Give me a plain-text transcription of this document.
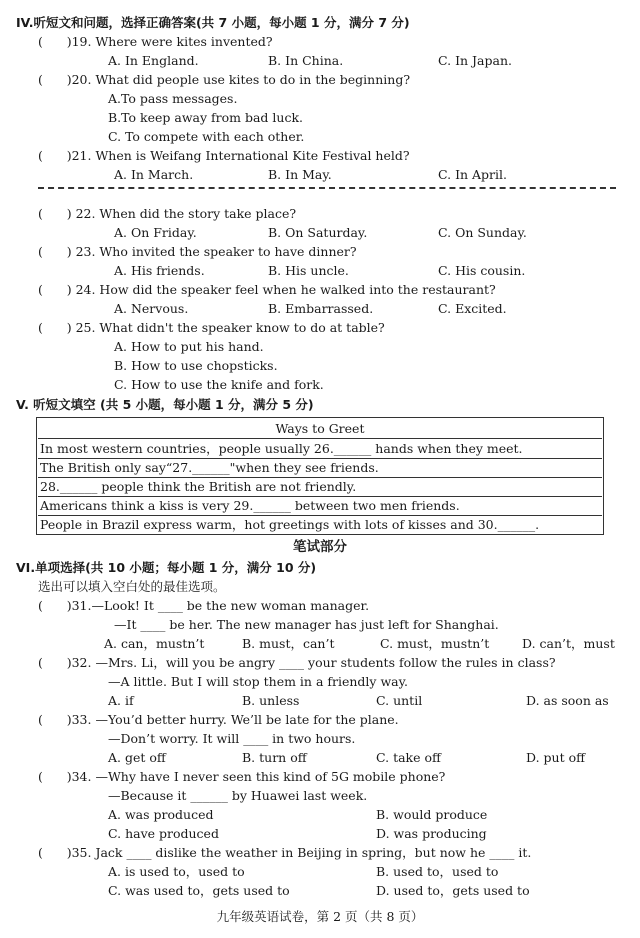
IV.听短文和问题，选择正确答案(共 7 小题，每小题 1 分，满分 7 分)
(      )19. Where were kites invented?
A. In England.	B. In China.	C. In Japan.
(      )20. What did people use kites to do in the beginning?
A.To pass messages.
B.To keep away from bad luck.
C. To compete with each other.
(      )21. When is Weifang International Kite Festival held?
A. In March.	B. In May.	C. In April.
(      ) 22. When did the story take place?
A. On Friday.	B. On Saturday.	C. On Sunday.
(      ) 23. Who invited the speaker to have dinner?
A. His friends.	B. His uncle.	C. His cousin.
(      ) 24. How did the speaker feel when he walked into the restaurant?
A. Nervous.	B. Embarrassed.	C. Excited.
(      ) 25. What didn't the speaker know to do at table?
A. How to put his hand.
B. How to use chopsticks.
C. How to use the knife and fork.
V. 听短文填空 (共 5 小题，每小题 1 分，满分 5 分)
Ways to Greet
In most western countries，people usually 26.______ hands when they meet.
The British only say“27.______"when they see friends.
28.______ people think the British are not friendly.
Americans think a kiss is very 29.______ between two men friends.
People in Brazil express warm，hot greetings with lots of kisses and 30.______.
笔试部分
VI.单项选择(共 10 小题；每小题 1 分，满分 10 分)
选出可以填入空白处的最佳选项。
(      )31.—Look! It ____ be the new woman manager.
—It ____ be her. The new manager has just left for Shanghai.
A. can，mustn’t	B. must，can’t	C. must，mustn’t	D. can’t，must
(      )32. —Mrs. Li，will you be angry ____ your students follow the rules in class?
—A little. But I will stop them in a friendly way.
A. if	B. unless	C. until	D. as soon as
(      )33. —You’d better hurry. We’ll be late for the plane.
—Don’t worry. It will ____ in two hours.
A. get off	B. turn off	C. take off	D. put off
(      )34. —Why have I never seen this kind of 5G mobile phone?
—Because it ______ by Huawei last week.
A. was produced	B. would produce
C. have produced	D. was producing
(      )35. Jack ____ dislike the weather in Beijing in spring，but now he ____ it.
A. is used to，used to	B. used to，used to
C. was used to，gets used to	D. used to，gets used to
九年级英语试卷，第 2 页（共 8 页）
